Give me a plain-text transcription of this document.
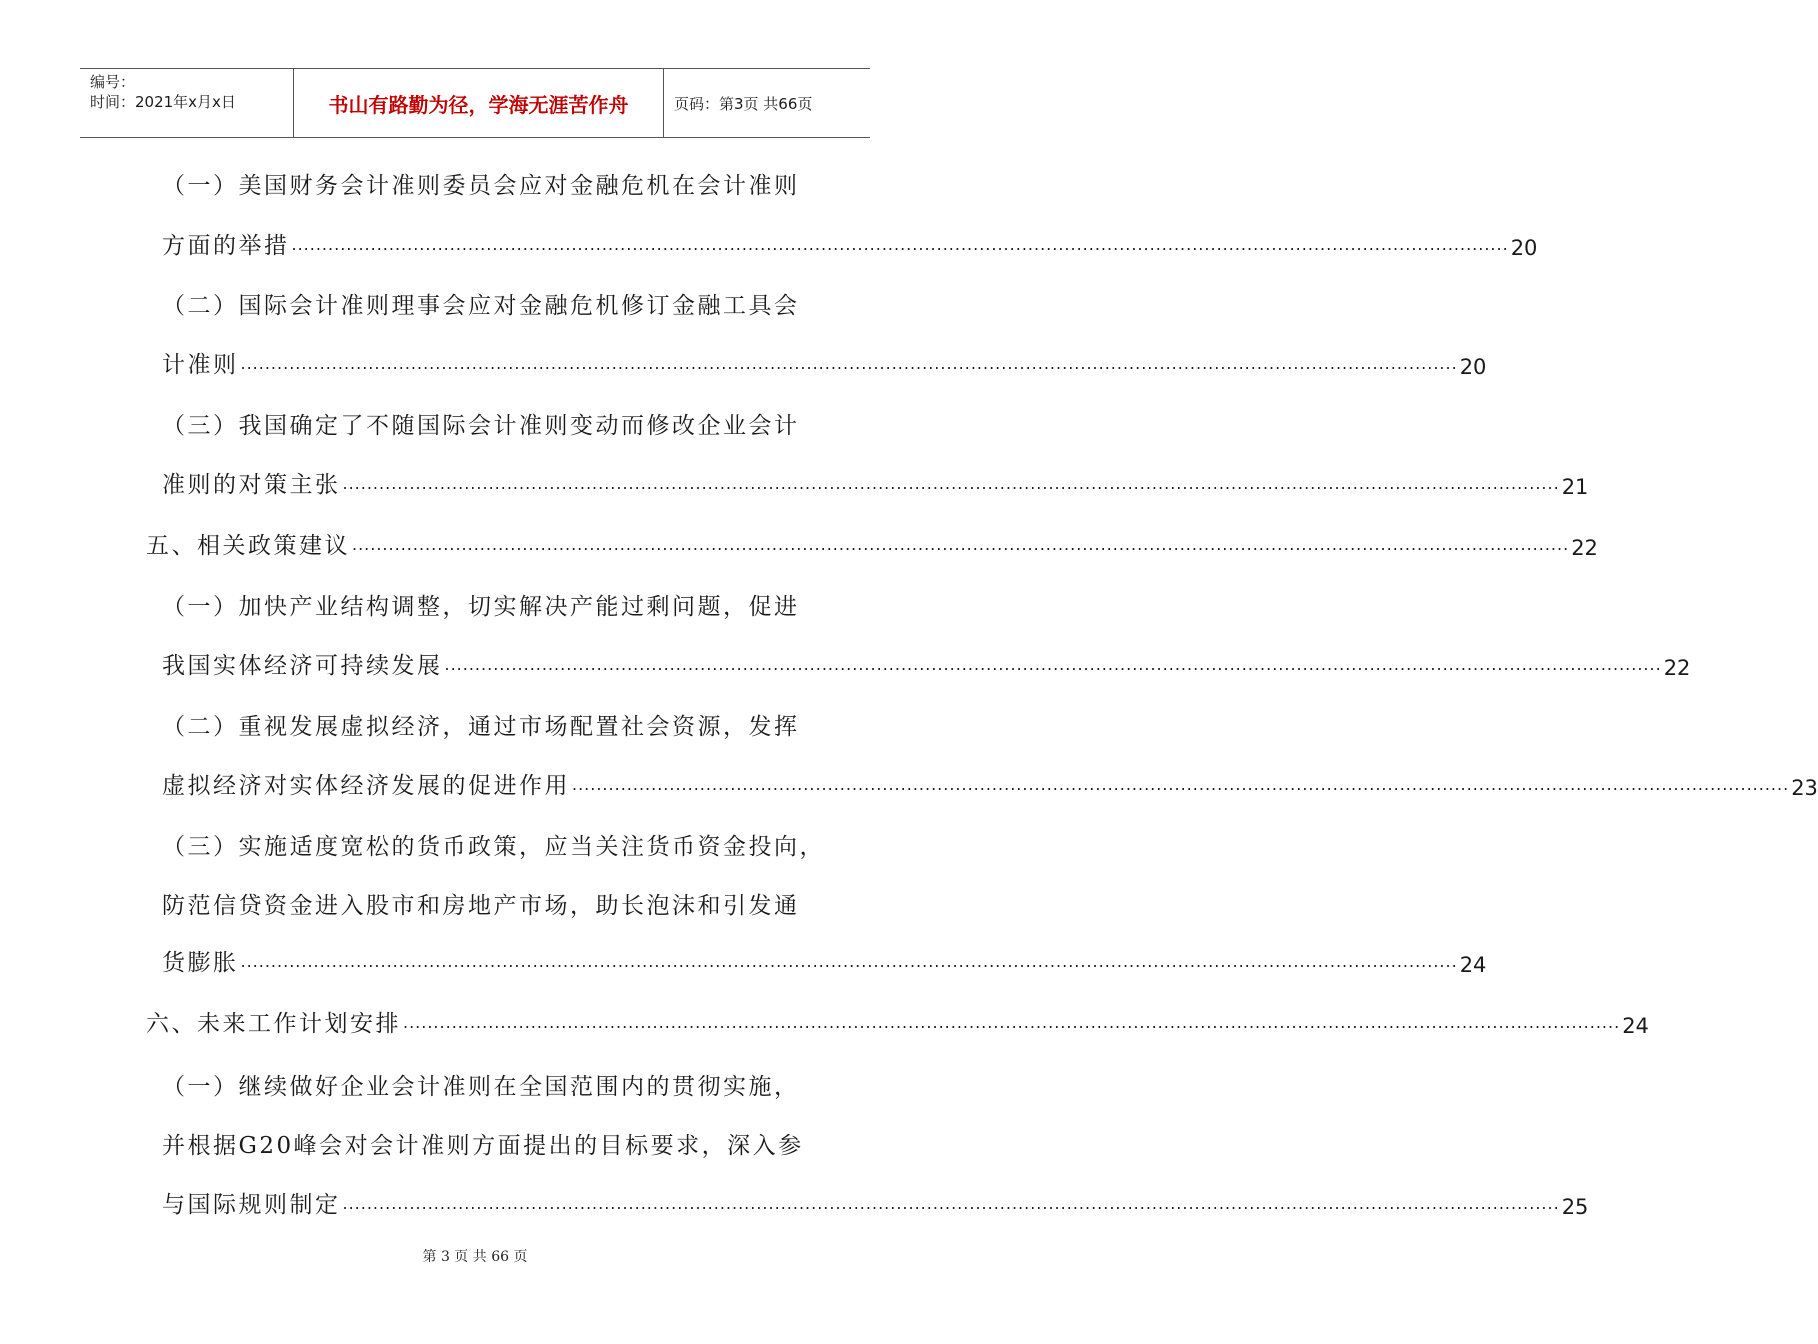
编号：
时间：2021年x月x日	书山有路勤为径，学海无涯苦作舟	页码：第3页 共66页
（一）美国财务会计准则委员会应对金融危机在会计准则
方面的举措 ........................................................................................................................................................................................................ 20
（二）国际会计准则理事会应对金融危机修订金融工具会
计准则 ........................................................................................................................................................................................................ 20
（三）我国确定了不随国际会计准则变动而修改企业会计
准则的对策主张 ........................................................................................................................................................................................................ 21
五、相关政策建议 ........................................................................................................................................................................................................ 22
（一）加快产业结构调整，切实解决产能过剩问题，促进
我国实体经济可持续发展 ........................................................................................................................................................................................................ 22
（二）重视发展虚拟经济，通过市场配置社会资源，发挥
虚拟经济对实体经济发展的促进作用 ........................................................................................................................................................................................................ 23
（三）实施适度宽松的货币政策，应当关注货币资金投向，
防范信贷资金进入股市和房地产市场，助长泡沫和引发通
货膨胀 ........................................................................................................................................................................................................ 24
六、未来工作计划安排 ........................................................................................................................................................................................................ 24
（一）继续做好企业会计准则在全国范围内的贯彻实施，
并根据G20峰会对会计准则方面提出的目标要求，深入参
与国际规则制定 ........................................................................................................................................................................................................ 25
第 3 页 共 66 页
